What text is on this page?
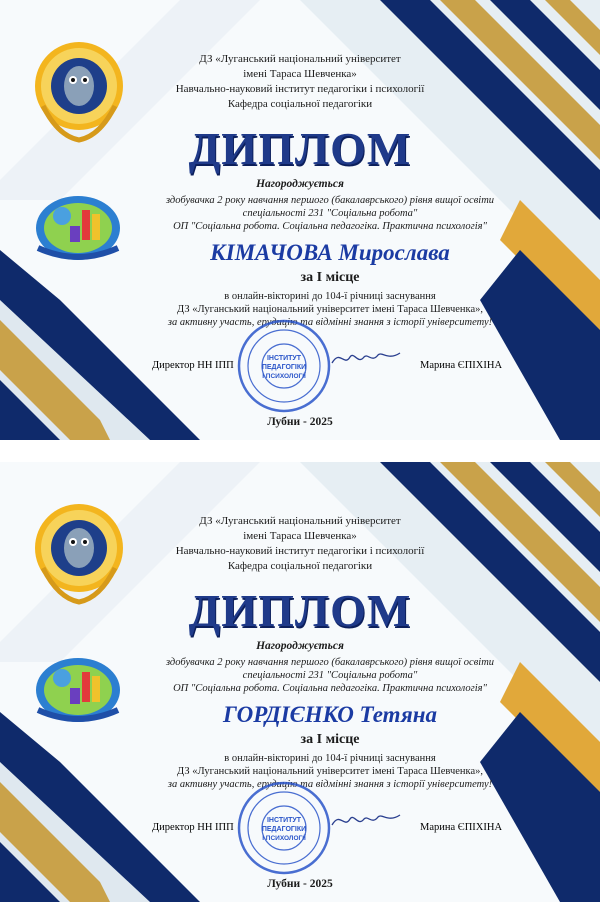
ДЗ «Луганський національний університет
імені Тараса Шевченка»
Навчально-науковий інститут педагогіки і психології
Кафедра соціальної педагогіки
ДИПЛОМ
Нагороджується
здобувачка 2 року навчання першого (бакалаврського) рівня вищої освіти
спеціальності 231 "Соціальна робота"
ОП "Соціальна робота. Соціальна педагогіка. Практична психологія"
КІМАЧОВА Мирослава
за І місце
в онлайн-вікторині до 104-ї річниці заснування
ДЗ «Луганський національний університет імені Тараса Шевченка»,
за активну участь, ерудицію та відмінні знання з історії університету!
Директор НН ІПП	Марина ЄПІХІНА
ІНСТИТУТ
ПЕДАГОГІКИ
І ПСИХОЛОГІЇ
Лубни - 2025
ДЗ «Луганський національний університет
імені Тараса Шевченка»
Навчально-науковий інститут педагогіки і психології
Кафедра соціальної педагогіки
ДИПЛОМ
Нагороджується
здобувачка 2 року навчання першого (бакалаврського) рівня вищої освіти
спеціальності 231 "Соціальна робота"
ОП "Соціальна робота. Соціальна педагогіка. Практична психологія"
ГОРДІЄНКО Тетяна
за І місце
в онлайн-вікторині до 104-ї річниці заснування
ДЗ «Луганський національний університет імені Тараса Шевченка»,
за активну участь, ерудицію та відмінні знання з історії університету!
Директор НН ІПП	Марина ЄПІХІНА
ІНСТИТУТ
ПЕДАГОГІКИ
І ПСИХОЛОГІЇ
Лубни - 2025
